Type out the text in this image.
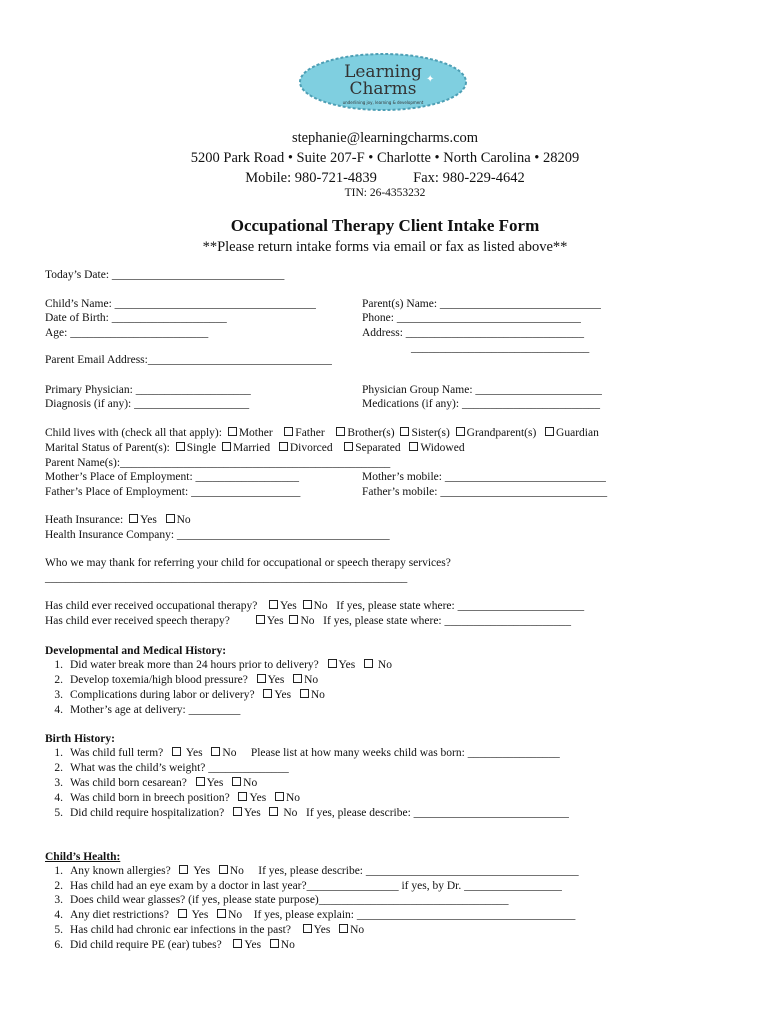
Learning
Charms
underlining joy, learning & development
✦
stephanie@learningcharms.com
5200 Park Road • Suite 207-F • Charlotte • North Carolina • 28209
Mobile: 980-721-4839          Fax: 980-229-4642
TIN: 26-4353232
Occupational Therapy Client Intake Form
**Please return intake forms via email or fax as listed above**
Today’s Date: ______________________________
Child’s Name: ___________________________________
Date of Birth: ____________________
Age: ________________________
Parent(s) Name: ____________________________
Phone: ________________________________
Address: _______________________________
_______________________________
Parent Email Address:________________________________
Primary Physician: ____________________
Diagnosis (if any): ____________________
Physician Group Name: ______________________
Medications (if any): ________________________
Child lives with (check all that apply): Mother Father Brother(s) Sister(s) Grandparent(s) Guardian
Marital Status of Parent(s): Single Married Divorced Separated Widowed
Parent Name(s):_______________________________________________
Mother’s Place of Employment: __________________
Father’s Place of Employment: ___________________
Mother’s mobile: ____________________________
Father’s mobile: _____________________________
Heath Insurance: Yes No
Health Insurance Company: _____________________________________
Who we may thank for referring your child for occupational or speech therapy services?
_______________________________________________________________
Has child ever received occupational therapy? Yes No If yes, please state where: ______________________
Has child ever received speech therapy?	Yes No If yes, please state where: ______________________
Developmental and Medical History:
1. Did water break more than 24 hours prior to delivery? Yes No
2. Develop toxemia/high blood pressure? Yes No
3. Complications during labor or delivery? Yes No
4. Mother’s age at delivery: _________
Birth History:
1. Was child full term? Yes No Please list at how many weeks child was born: ________________
2. What was the child’s weight? ______________
3. Was child born cesarean? Yes No
4. Was child born in breech position? Yes No
5. Did child require hospitalization? Yes No If yes, please describe: ___________________________
Child’s Health:
1. Any known allergies? Yes No If yes, please describe: _____________________________________
2. Has child had an eye exam by a doctor in last year?________________ if yes, by Dr. _________________
3. Does child wear glasses? (if yes, please state purpose)_________________________________
4. Any diet restrictions? Yes No If yes, please explain: ______________________________________
5. Has child had chronic ear infections in the past? Yes No
6. Did child require PE (ear) tubes? Yes No
